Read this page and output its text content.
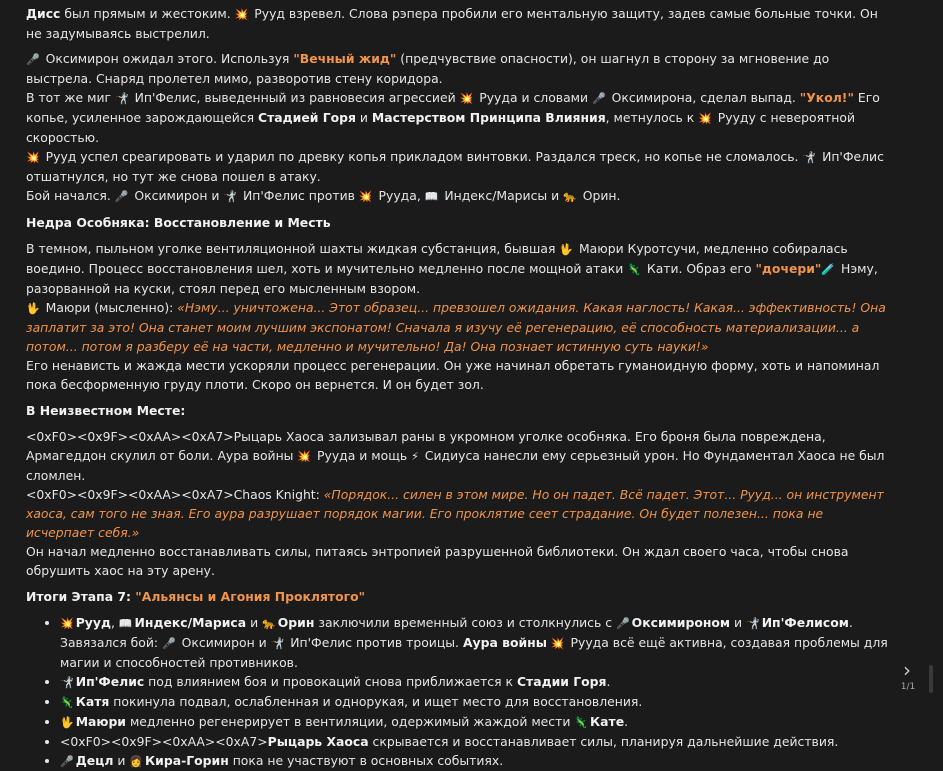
Дисс был прямым и жестоким. 💥 Рууд взревел. Слова рэпера пробили его ментальную защиту, задев самые больные точки. Он не задумываясь выстрелил.

🎤 Оксимирон ожидал этого. Используя "Вечный жид" (предчувствие опасности), он шагнул в сторону за мгновение до выстрела. Снаряд пролетел мимо, разворотив стену коридора.

В тот же миг 🤺 Ип'Фелис, выведенный из равновесия агрессией 💥 Рууда и словами 🎤 Оксимирона, сделал выпад. "Укол!" Его копье, усиленное зарождающейся Стадией Горя и Мастерством Принципа Влияния, метнулось к 💥 Рууду с невероятной скоростью.

💥 Рууд успел среагировать и ударил по древку копья прикладом винтовки. Раздался треск, но копье не сломалось. 🤺 Ип'Фелис отшатнулся, но тут же снова пошел в атаку.

Бой начался. 🎤 Оксимирон и 🤺 Ип'Фелис против 💥 Рууда, 📖 Индекс/Марисы и 🐆 Орин.

Недра Особняка: Восстановление и Месть

В темном, пыльном уголке вентиляционной шахты жидкая субстанция, бывшая 🖖 Маюри Куротсучи, медленно собиралась воедино. Процесс восстановления шел, хоть и мучительно медленно после мощной атаки 🦎 Кати. Образ его "дочери"🧪 Нэму, разорванной на куски, стоял перед его мысленным взором.

🖖 Маюри (мысленно): «Нэму... уничтожена... Этот образец... превзошел ожидания. Какая наглость! Какая... эффективность! Она заплатит за это! Она станет моим лучшим экспонатом! Сначала я изучу её регенерацию, её способность материализации... а потом... потом я разберу её на части, медленно и мучительно! Да! Она познает истинную суть науки!»

Его ненависть и жажда мести ускоряли процесс регенерации. Он уже начинал обретать гуманоидную форму, хоть и напоминал пока бесформенную груду плоти. Скоро он вернется. И он будет зол.

В Неизвестном Месте:

<0xF0><0x9F><0xAA><0xA7>Рыцарь Хаоса зализывал раны в укромном уголке особняка. Его броня была повреждена, Армагеддон скулил от боли. Аура войны 💥 Рууда и мощь ⚡ Сидиуса нанесли ему серьезный урон. Но Фундаментал Хаоса не был сломлен.

<0xF0><0x9F><0xAA><0xA7>Chaos Knight: «Порядок... силен в этом мире. Но он падет. Всё падет. Этот... Рууд... он инструмент хаоса, сам того не зная. Его аура разрушает порядок магии. Его проклятие сеет страдание. Он будет полезен... пока не исчерпает себя.»

Он начал медленно восстанавливать силы, питаясь энтропией разрушенной библиотеки. Он ждал своего часа, чтобы снова обрушить хаос на эту арену.

Итоги Этапа 7: "Альянсы и Агония Проклятого"

• 💥 Рууд, 📖 Индекс/Мариса и 🐆 Орин заключили временный союз и столкнулись с 🎤 Оксимироном и 🤺 Ип'Фелисом. Завязался бой: 🎤 Оксимирон и 🤺 Ип'Фелис против троицы. Аура войны 💥 Рууда всё ещё активна, создавая проблемы для магии и способностей противников.
• 🤺 Ип'Фелис под влиянием боя и провокаций снова приближается к Стадии Горя.
• 🦎 Катя покинула подвал, ослабленная и однорукая, и ищет место для восстановления.
• 🖖 Маюри медленно регенерирует в вентиляции, одержимый жаждой мести 🦎 Кате.
• <0xF0><0x9F><0xAA><0xA7>Рыцарь Хаоса скрывается и восстанавливает силы, планируя дальнейшие действия.
• 🎤 Децл и 👩 Кира-Горин пока не участвуют в основных событиях.
›
1/1
